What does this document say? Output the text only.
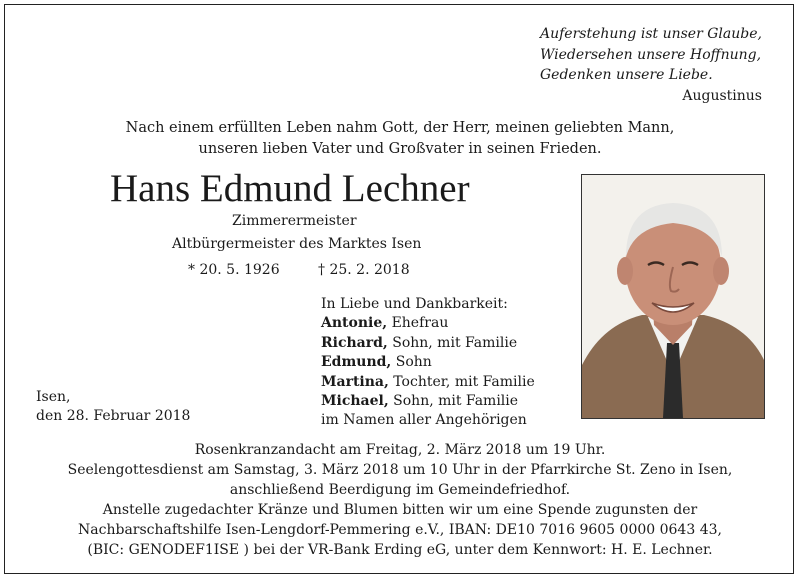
Auferstehung ist unser Glaube,
Wiedersehen unsere Hoffnung,
Gedenken unsere Liebe.
Augustinus
Nach einem erfüllten Leben nahm Gott, der Herr, meinen geliebten Mann,
unseren lieben Vater und Großvater in seinen Frieden.
Hans Edmund Lechner
Zimmerermeister
Altbürgermeister des Marktes Isen
* 20. 5. 1926	† 25. 2. 2018
In Liebe und Dankbarkeit:
Antonie, Ehefrau
Richard, Sohn, mit Familie
Edmund, Sohn
Martina, Tochter, mit Familie
Michael, Sohn, mit Familie
im Namen aller Angehörigen
Isen,
den 28. Februar 2018
Rosenkranzandacht am Freitag, 2. März 2018 um 19 Uhr.
Seelengottesdienst am Samstag, 3. März 2018 um 10 Uhr in der Pfarrkirche St. Zeno in Isen,
anschließend Beerdigung im Gemeindefriedhof.
Anstelle zugedachter Kränze und Blumen bitten wir um eine Spende zugunsten der
Nachbarschaftshilfe Isen-Lengdorf-Pemmering e.V., IBAN: DE10 7016 9605 0000 0643 43,
(BIC: GENODEF1ISE ) bei der VR-Bank Erding eG, unter dem Kennwort: H. E. Lechner.
